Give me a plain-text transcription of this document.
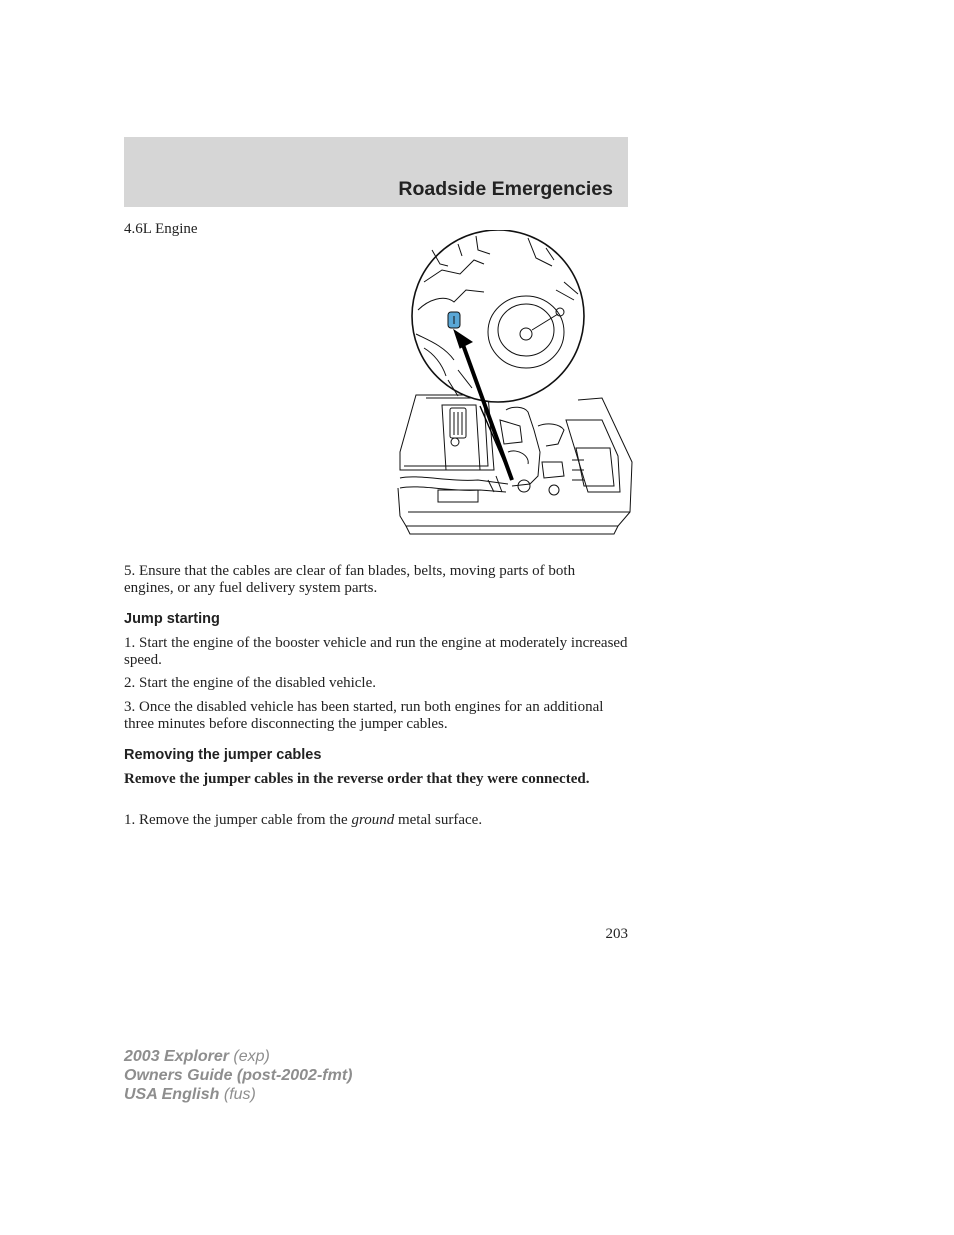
Roadside Emergencies
4.6L Engine
5. Ensure that the cables are clear of fan blades, belts, moving parts of both engines, or any fuel delivery system parts.
Jump starting
1. Start the engine of the booster vehicle and run the engine at moderately increased speed.
2. Start the engine of the disabled vehicle.
3. Once the disabled vehicle has been started, run both engines for an additional three minutes before disconnecting the jumper cables.
Removing the jumper cables
Remove the jumper cables in the reverse order that they were connected.
1. Remove the jumper cable from the ground metal surface.
203
2003 Explorer (exp)
Owners Guide (post-2002-fmt)
USA English (fus)
